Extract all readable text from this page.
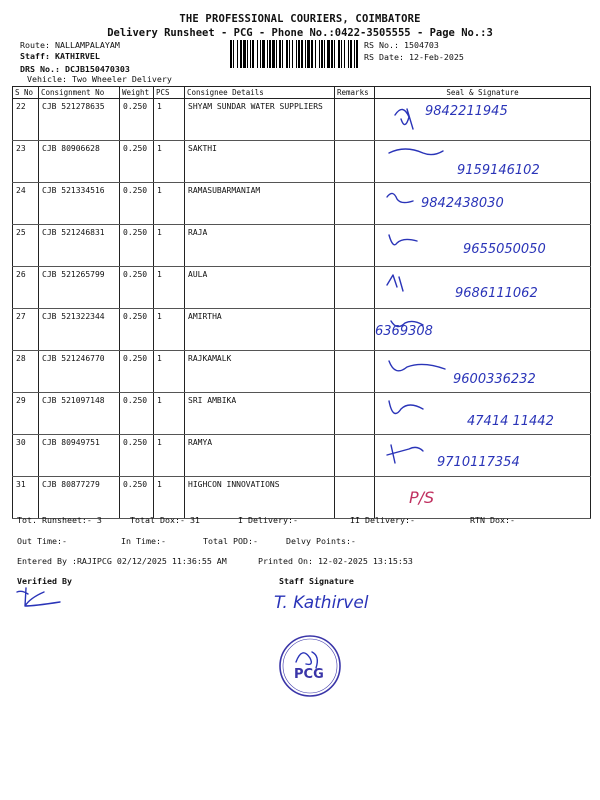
THE PROFESSIONAL COURIERS, COIMBATORE
Delivery Runsheet - PCG - Phone No.:0422-3505555 - Page No.:3
Route: NALLAMPALAYAM
Staff: KATHIRVEL
DRS No.: DCJB150470303
Vehicle: Two Wheeler Delivery
RS No.: 1504703
RS Date: 12-Feb-2025
S No	Consignment No	Weight	PCS	Consignee Details	Remarks	Seal & Signature
22	CJB 521278635	0.250	1	SHYAM SUNDAR WATER SUPPLIERS		9842211945

23	CJB 80906628	0.250	1	SAKTHI		9159146102

24	CJB 521334516	0.250	1	RAMASUBARMANIAM		9842438030

25	CJB 521246831	0.250	1	RAJA		9655050050

26	CJB 521265799	0.250	1	AULA		9686111062

27	CJB 521322344	0.250	1	AMIRTHA		6369308

28	CJB 521246770	0.250	1	RAJKAMALK		9600336232

29	CJB 521097148	0.250	1	SRI AMBIKA		47414 11442

30	CJB 80949751	0.250	1	RAMYA		9710117354

31	CJB 80877279	0.250	1	HIGHCON INNOVATIONS		P/S
Tot. Runsheet:- 3	Total Dox:- 31	I Delivery:-	II Delivery:-	RTN Dox:-
Out Time:-	In Time:-	Total POD:-	Delvy Points:-
Entered By :RAJIPCG 02/12/2025 11:36:55 AM	Printed On: 12-02-2025 13:15:53
Verified By	Staff Signature
T. Kathirvel
PCG
